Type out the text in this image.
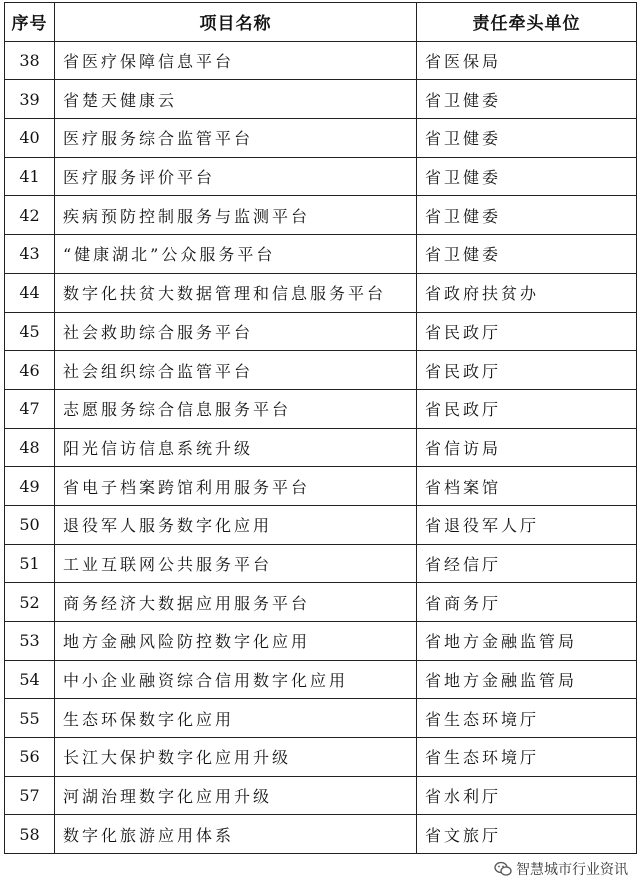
序号	项目名称	责任牵头单位
38	省医疗保障信息平台	省医保局
39	省楚天健康云	省卫健委
40	医疗服务综合监管平台	省卫健委
41	医疗服务评价平台	省卫健委
42	疾病预防控制服务与监测平台	省卫健委
43	“健康湖北”公众服务平台	省卫健委
44	数字化扶贫大数据管理和信息服务平台	省政府扶贫办
45	社会救助综合服务平台	省民政厅
46	社会组织综合监管平台	省民政厅
47	志愿服务综合信息服务平台	省民政厅
48	阳光信访信息系统升级	省信访局
49	省电子档案跨馆利用服务平台	省档案馆
50	退役军人服务数字化应用	省退役军人厅
51	工业互联网公共服务平台	省经信厅
52	商务经济大数据应用服务平台	省商务厅
53	地方金融风险防控数字化应用	省地方金融监管局
54	中小企业融资综合信用数字化应用	省地方金融监管局
55	生态环保数字化应用	省生态环境厅
56	长江大保护数字化应用升级	省生态环境厅
57	河湖治理数字化应用升级	省水利厅
58	数字化旅游应用体系	省文旅厅
智慧城市行业资讯
